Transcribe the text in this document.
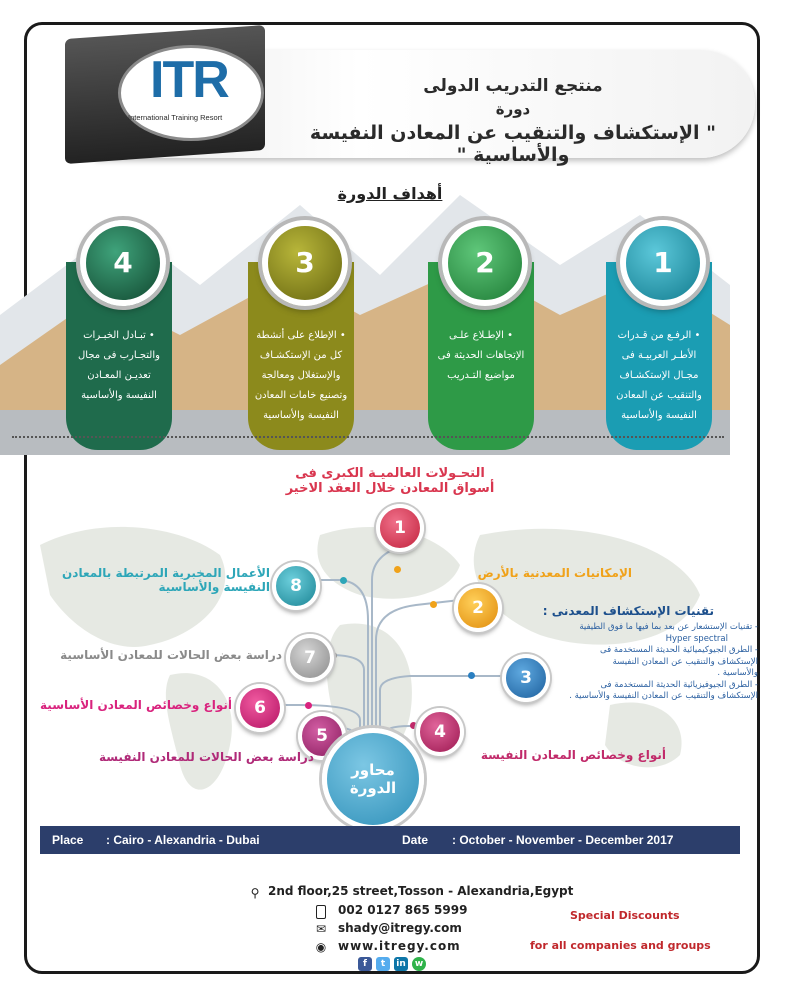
ITR
International Training Resort
منتجع التدريب الدولى
دورة
" الإستكشاف والتنقيب عن المعادن النفيسة والأساسية "
أهداف الدورة
• الرفـع من قـدرات الأطـر العربيـة فى مجـال الإستكشـاف والتنقيب عن المعادن النفيسة والأساسية
• الإطـلاع علـى الإتجاهات الحديثة فى مواضيع التـدريب
• الإطلاع على أنشطة كل من الإستكشـاف والإستغلال ومعالجة وتصنيع خامات المعادن النفيسة والأساسية
• تبـادل الخبـرات والتجـارب فى مجال تعديـن المعـادن النفيسة والأساسية
1
2
3
4
1
2
3
4
5
6
7
8
محاور
الدورة
التحـولات العالميـة الكبرى فى
أسواق المعادن خلال العقد الاخير
الإمكانيات المعدنية بالأرض
تقنيات الإستكشاف المعدنى :
- تقنيات الإستشعار عن بعد بما فيها ما فوق الطيفية
Hyper spectral
- الطرق الجيوكيميائية الحديثة المستخدمة فى
الإستكشاف والتنقيب عن المعادن النفيسة
والأساسية .
- الطرق الجيوفيزيائية الحديثة المستخدمة فى
الإستكشاف والتنقيب عن المعادن النفيسة والأساسية .
أنواع وخصائص المعادن النفيسة
دراسة بعض الحالات للمعادن النفيسة
أنواع وخصائص المعادن الأساسية
دراسة بعض الحالات للمعادن الأساسية
الأعمال المخبرية المرتبطة بالمعادن
النفيسة والأساسية
Place : Cairo - Alexandria - Dubai	Date : October - November - December 2017
⚲ 2nd floor,25 street,Tosson - Alexandria,Egypt
002 0127 865 5999
✉ shady@itregy.com
◉ www.itregy.com
f	t	in	w
Special Discounts
for all companies and groups
